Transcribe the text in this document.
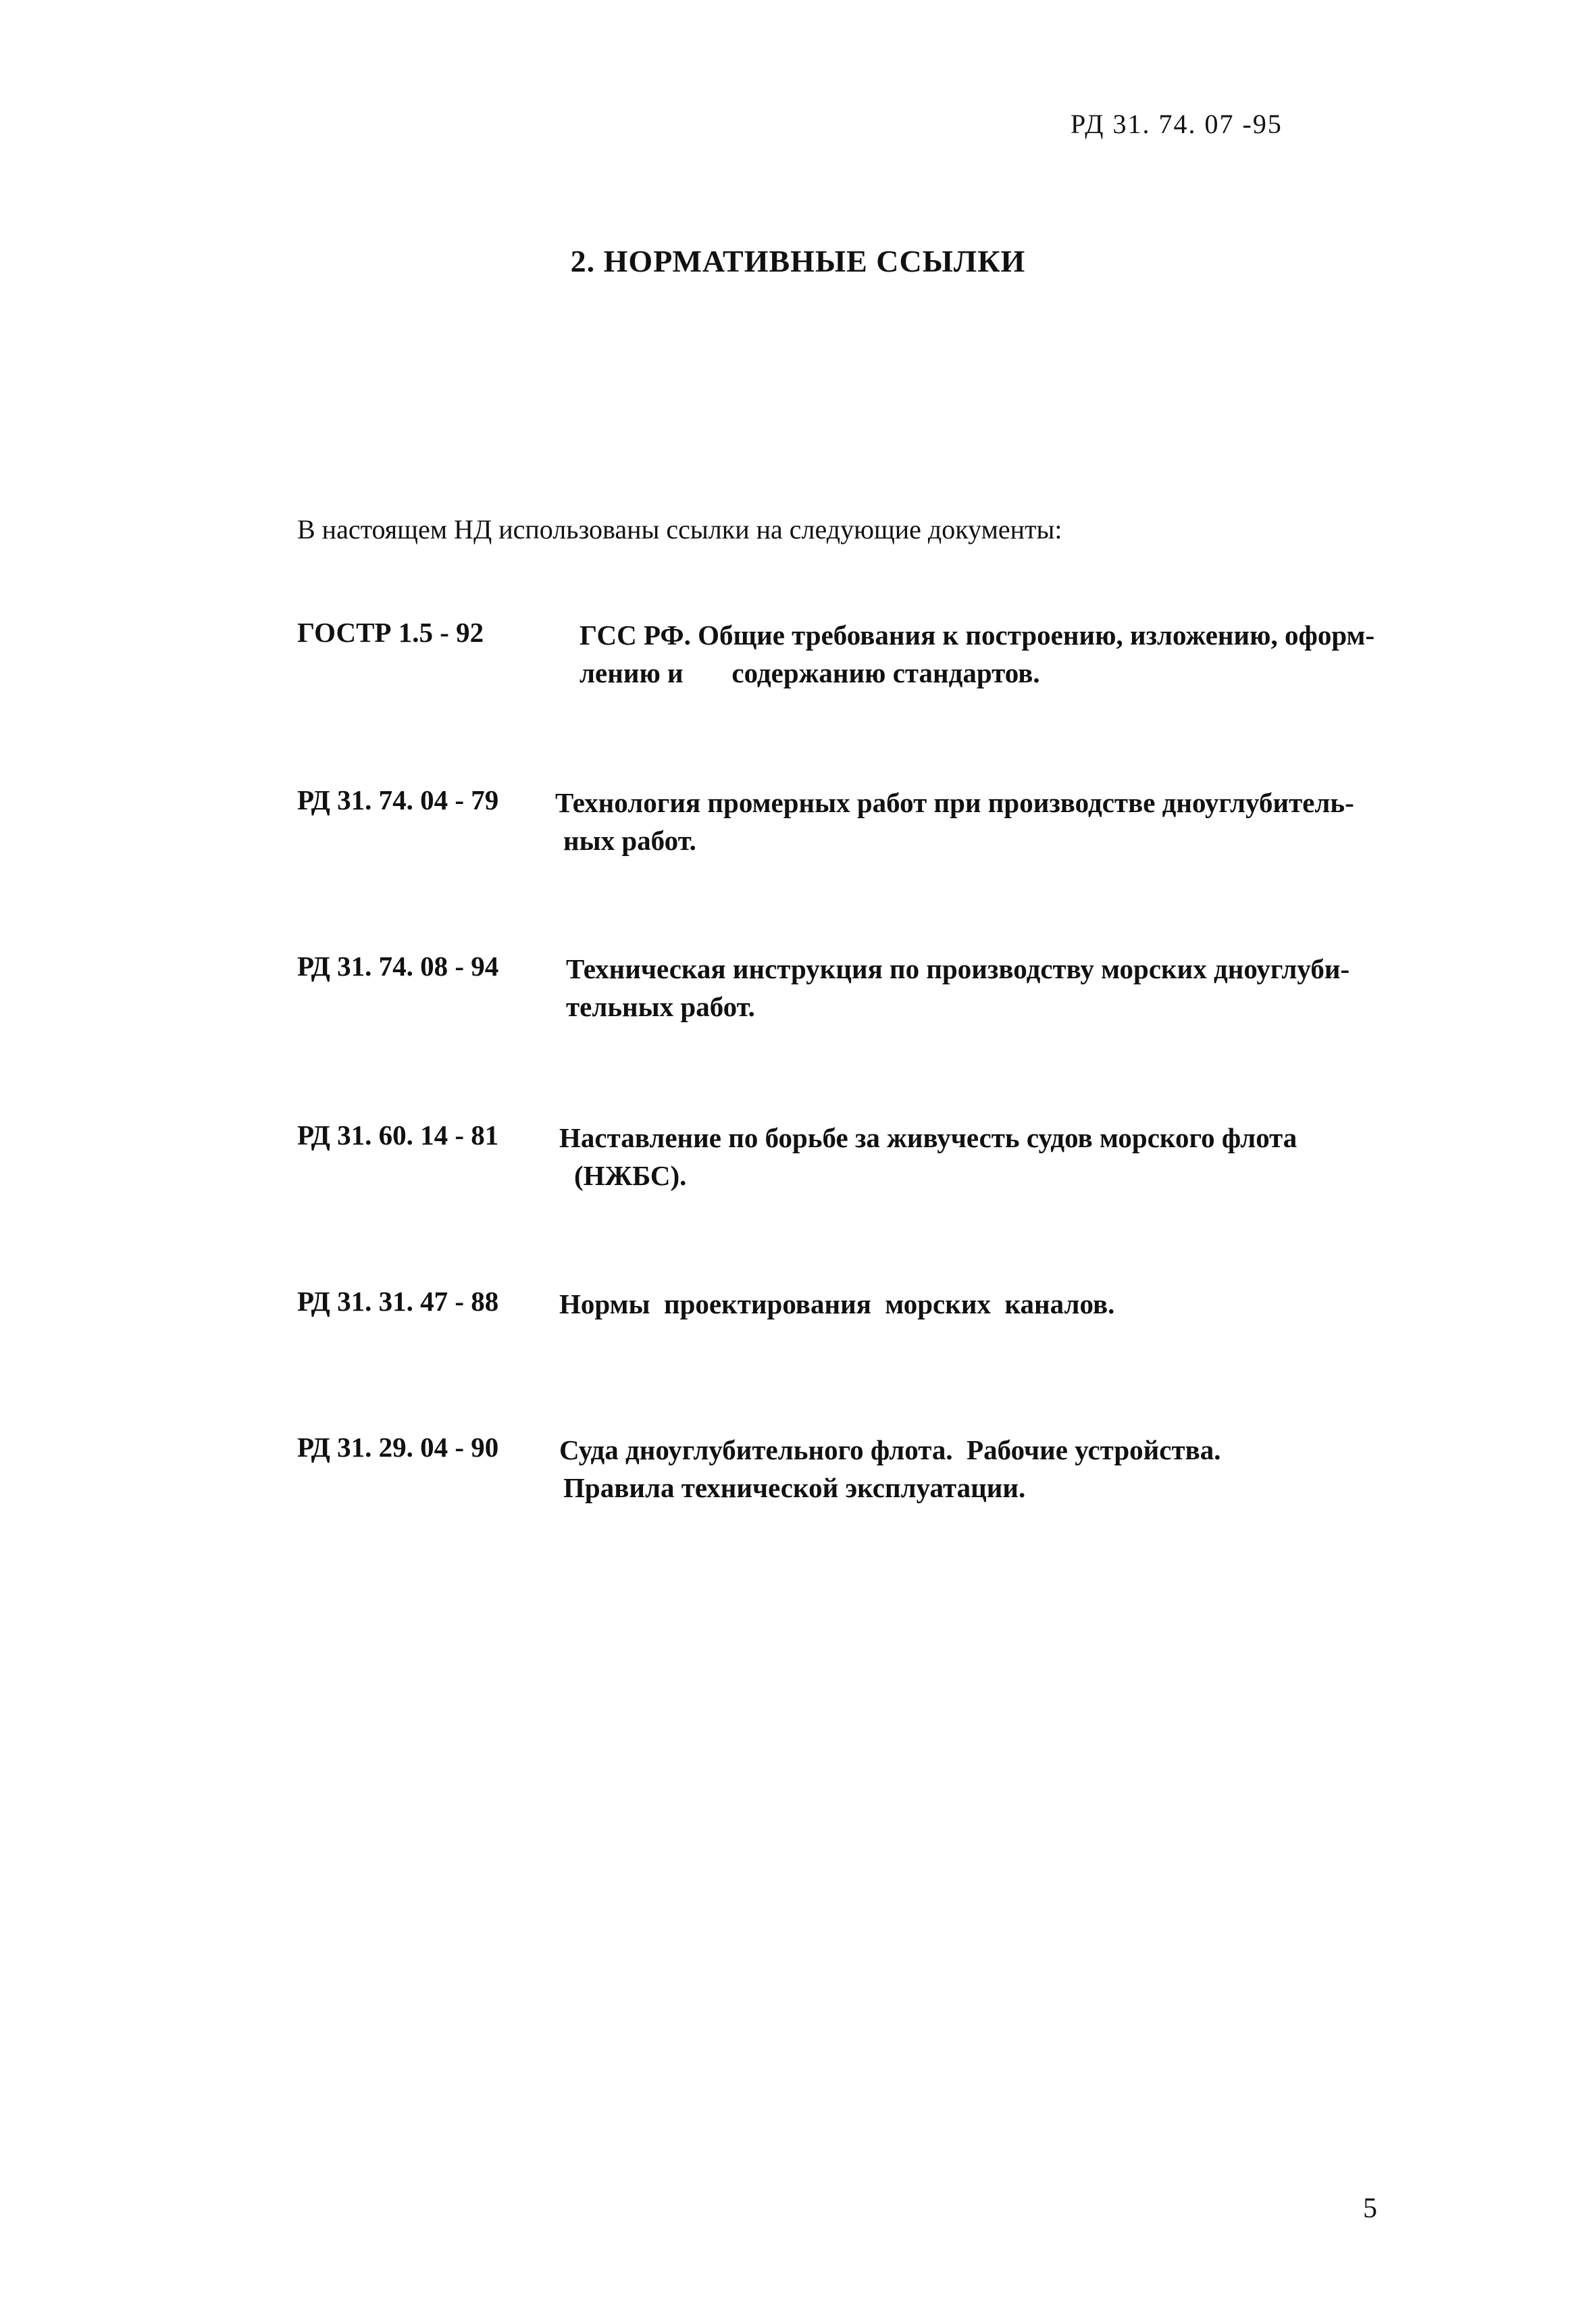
РД 31. 74. 07 -95
2. НОРМАТИВНЫЕ ССЫЛКИ
В настоящем НД использованы ссылки на следующие документы:
ГОСТР 1.5 - 92	ГСС РФ. Общие требования к построению, изложению, оформ-
лению и       содержанию стандартов.
РД 31. 74. 04 - 79 Технология промерных работ при производстве дноуглубитель-
ных работ.
РД 31. 74. 08 - 94 Техническая инструкция по производству морских дноуглуби-
тельных работ.
РД 31. 60. 14 - 81 Наставление по борьбе за живучесть судов морского флота
(НЖБС).
РД 31. 31. 47 - 88 Нормы  проектирования  морских  каналов.
РД 31. 29. 04 - 90 Суда дноуглубительного флота.  Рабочие устройства.
Правила технической эксплуатации.
5
